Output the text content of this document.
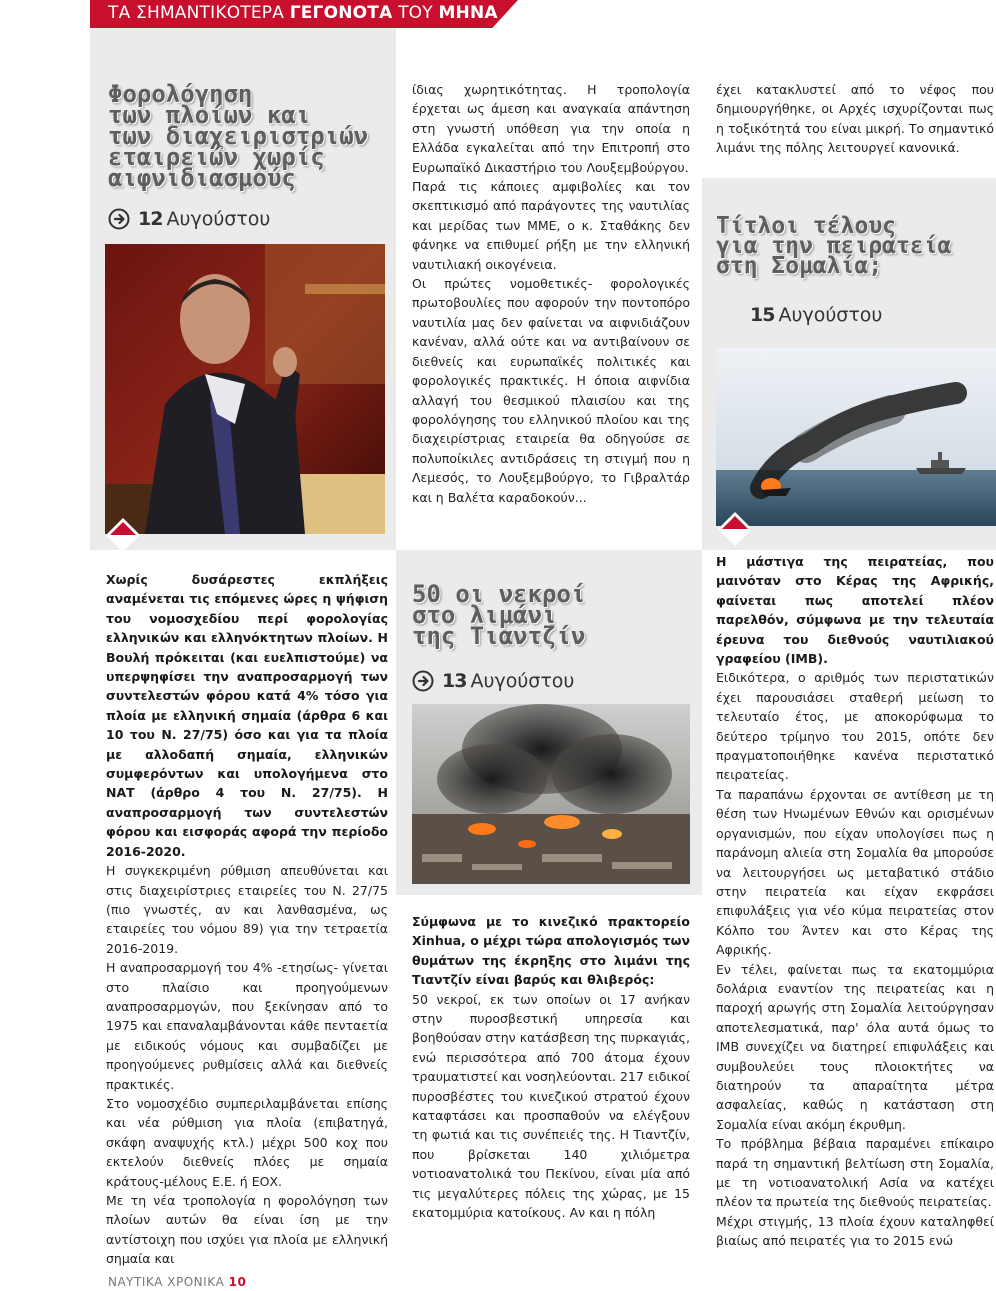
ΤΑ ΣΗΜΑΝΤΙΚΟΤΕΡΑ ΓΕΓΟΝΟΤΑ ΤΟΥ ΜΗΝΑ
Φορολόγηση
των πλοίων και
των διαχειριστριών
εταιρειών χωρίς
αιφνιδιασμούς
12 Αυγούστου

Χωρίς δυσάρεστες εκπλήξεις αναμένεται τις επόμενες ώρες η ψήφιση του νομοσχεδίου περί φορολογίας ελληνικών και ελληνόκτητων πλοίων. Η Βουλή πρόκειται (και ευελπιστούμε) να υπερψηφίσει την αναπροσαρμογή των συντελεστών φόρου κατά 4% τόσο για πλοία με ελληνική σημαία (άρθρα 6 και 10 του Ν. 27/75) όσο και για τα πλοία με αλλοδαπή σημαία, ελληνικών συμφερόντων και υπολογήμενα στο ΝΑΤ (άρθρο 4 του Ν. 27/75). Η αναπροσαρμογή των συντελεστών φόρου και εισφοράς αφορά την περίοδο 2016-2020.

Η συγκεκριμένη ρύθμιση απευθύνεται και στις διαχειρίστριες εταιρείες του Ν. 27/75 (πιο γνωστές, αν και λανθασμένα, ως εταιρείες του νόμου 89) για την τετραετία 2016-2019.

Η αναπροσαρμογή του 4% -ετησίως- γίνεται στο πλαίσιο και προηγούμενων αναπροσαρμογών, που ξεκίνησαν από το 1975 και επαναλαμβάνονται κάθε πενταετία με ειδικούς νόμους και συμβαδίζει με προηγούμενες ρυθμίσεις αλλά και διεθνείς πρακτικές.

Στο νομοσχέδιο συμπεριλαμβάνεται επίσης και νέα ρύθμιση για πλοία (επιβατηγά, σκάφη αναψυχής κτλ.) μέχρι 500 κοχ που εκτελούν διεθνείς πλόες με σημαία κράτους-μέλους Ε.Ε. ή ΕΟΧ.

Με τη νέα τροπολογία η φορολόγηση των πλοίων αυτών θα είναι ίση με την αντίστοιχη που ισχύει για πλοία με ελληνική σημαία και

ίδιας χωρητικότητας. Η τροπολογία έρχεται ως άμεση και αναγκαία απάντηση στη γνωστή υπόθεση για την οποία η Ελλάδα εγκαλείται από την Επιτροπή στο Ευρωπαϊκό Δικαστήριο του Λουξεμβούργου.

Παρά τις κάποιες αμφιβολίες και τον σκεπτικισμό από παράγοντες της ναυτιλίας και μερίδας των ΜΜΕ, ο κ. Σταθάκης δεν φάνηκε να επιθυμεί ρήξη με την ελληνική ναυτιλιακή οικογένεια.

Οι πρώτες νομοθετικές- φορολογικές πρωτοβουλίες που αφορούν την ποντοπόρο ναυτιλία μας δεν φαίνεται να αιφνιδιάζουν κανέναν, αλλά ούτε και να αντιβαίνουν σε διεθνείς και ευρωπαϊκές πολιτικές και φορολογικές πρακτικές. Η όποια αιφνίδια αλλαγή του θεσμικού πλαισίου και της φορολόγησης του ελληνικού πλοίου και της διαχειρίστριας εταιρεία θα οδηγούσε σε πολυποίκιλες αντιδράσεις τη στιγμή που η Λεμεσός, το Λουξεμβούργο, το Γιβραλτάρ και η Βαλέτα καραδοκούν...

50 οι νεκροί
στο λιμάνι
της Τιαντζίν
13 Αυγούστου

Σύμφωνα με το κινεζικό πρακτορείο Xinhua, ο μέχρι τώρα απολογισμός των θυμάτων της έκρηξης στο λιμάνι της Τιαντζίν είναι βαρύς και θλιβερός:

50 νεκροί, εκ των οποίων οι 17 ανήκαν στην πυροσβεστική υπηρεσία και βοηθούσαν στην κατάσβεση της πυρκαγιάς, ενώ περισσότερα από 700 άτομα έχουν τραυματιστεί και νοσηλεύονται. 217 ειδικοί πυροσβέστες του κινεζικού στρατού έχουν καταφτάσει και προσπαθούν να ελέγξουν τη φωτιά και τις συνέπειές της. Η Τιαντζίν, που βρίσκεται 140 χιλιόμετρα νοτιοανατολικά του Πεκίνου, είναι μία από τις μεγαλύτερες πόλεις της χώρας, με 15 εκατομμύρια κατοίκους. Αν και η πόλη

έχει κατακλυστεί από το νέφος που δημιουργήθηκε, οι Αρχές ισχυρίζονται πως η τοξικότητά του είναι μικρή. Το σημαντικό λιμάνι της πόλης λειτουργεί κανονικά.

Τίτλοι τέλους
για την πειρατεία
στη Σομαλία;
15 Αυγούστου

Η μάστιγα της πειρατείας, που μαινόταν στο Κέρας της Αφρικής, φαίνεται πως αποτελεί πλέον παρελθόν, σύμφωνα με την τελευταία έρευνα του διεθνούς ναυτιλιακού γραφείου (IMB).

Ειδικότερα, ο αριθμός των περιστατικών έχει παρουσιάσει σταθερή μείωση το τελευταίο έτος, με αποκορύφωμα το δεύτερο τρίμηνο του 2015, οπότε δεν πραγματοποιήθηκε κανένα περιστατικό πειρατείας.

Τα παραπάνω έρχονται σε αντίθεση με τη θέση των Ηνωμένων Εθνών και ορισμένων οργανισμών, που είχαν υπολογίσει πως η παράνομη αλιεία στη Σομαλία θα μπορούσε να λειτουργήσει ως μεταβατικό στάδιο στην πειρατεία και είχαν εκφράσει επιφυλάξεις για νέο κύμα πειρατείας στον Κόλπο του Άντεν και στο Κέρας της Αφρικής.

Εν τέλει, φαίνεται πως τα εκατομμύρια δολάρια εναντίον της πειρατείας και η παροχή αρωγής στη Σομαλία λειτούργησαν αποτελεσματικά, παρ' όλα αυτά όμως το IMB συνεχίζει να διατηρεί επιφυλάξεις και συμβουλεύει τους πλοιοκτήτες να διατηρούν τα απαραίτητα μέτρα ασφαλείας, καθώς η κατάσταση στη Σομαλία είναι ακόμη έκρυθμη.

Το πρόβλημα βέβαια παραμένει επίκαιρο παρά τη σημαντική βελτίωση στη Σομαλία, με τη νοτιοανατολική Ασία να κατέχει πλέον τα πρωτεία της διεθνούς πειρατείας.

Μέχρι στιγμής, 13 πλοία έχουν καταληφθεί βιαίως από πειρατές για το 2015 ενώ

ΝΑΥΤΙΚΑ ΧΡΟΝΙΚΑ 10
